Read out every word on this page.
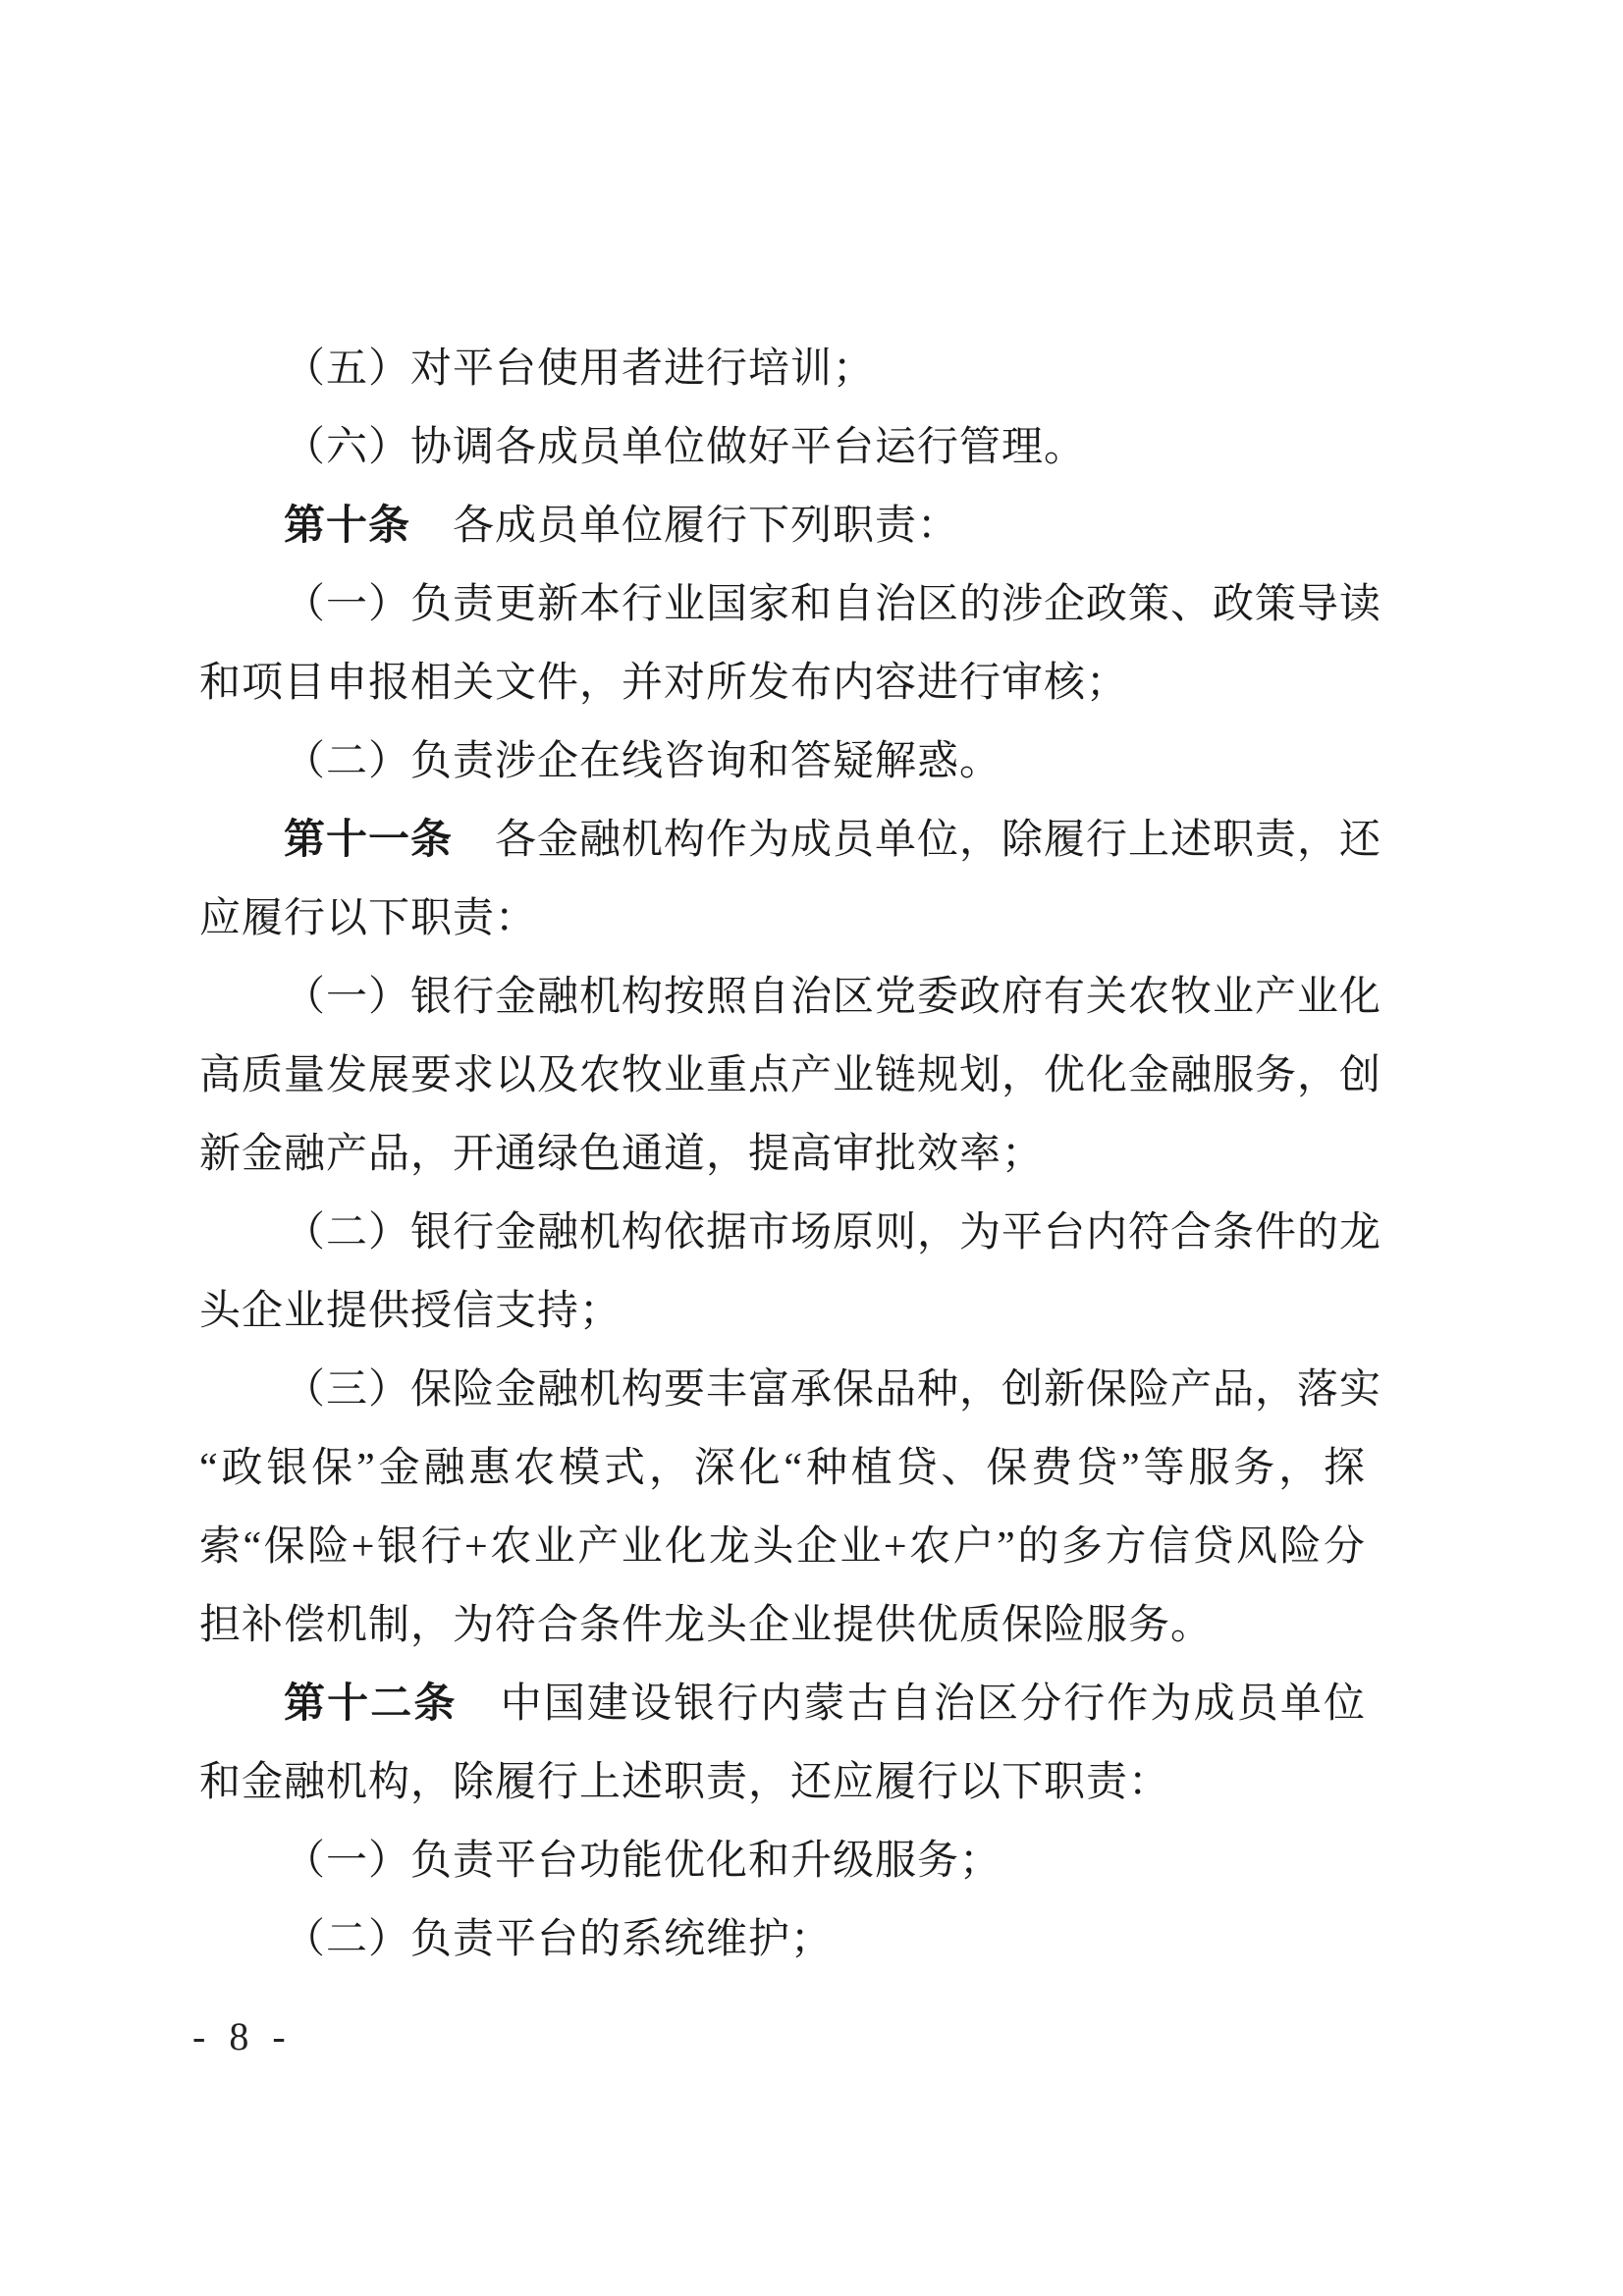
（五）对平台使用者进行培训；
（六）协调各成员单位做好平台运行管理。
第十条　各成员单位履行下列职责：
（一）负责更新本行业国家和自治区的涉企政策、政策导读
和项目申报相关文件，并对所发布内容进行审核；
（二）负责涉企在线咨询和答疑解惑。
第十一条　各金融机构作为成员单位，除履行上述职责，还
应履行以下职责：
（一）银行金融机构按照自治区党委政府有关农牧业产业化
高质量发展要求以及农牧业重点产业链规划，优化金融服务，创
新金融产品，开通绿色通道，提高审批效率；
（二）银行金融机构依据市场原则，为平台内符合条件的龙
头企业提供授信支持；
（三）保险金融机构要丰富承保品种，创新保险产品，落实
“政银保”金融惠农模式，深化“种植贷、保费贷”等服务，探
索“保险+银行+农业产业化龙头企业+农户”的多方信贷风险分
担补偿机制，为符合条件龙头企业提供优质保险服务。
第十二条　中国建设银行内蒙古自治区分行作为成员单位
和金融机构，除履行上述职责，还应履行以下职责：
（一）负责平台功能优化和升级服务；
（二）负责平台的系统维护；
- 8 -
